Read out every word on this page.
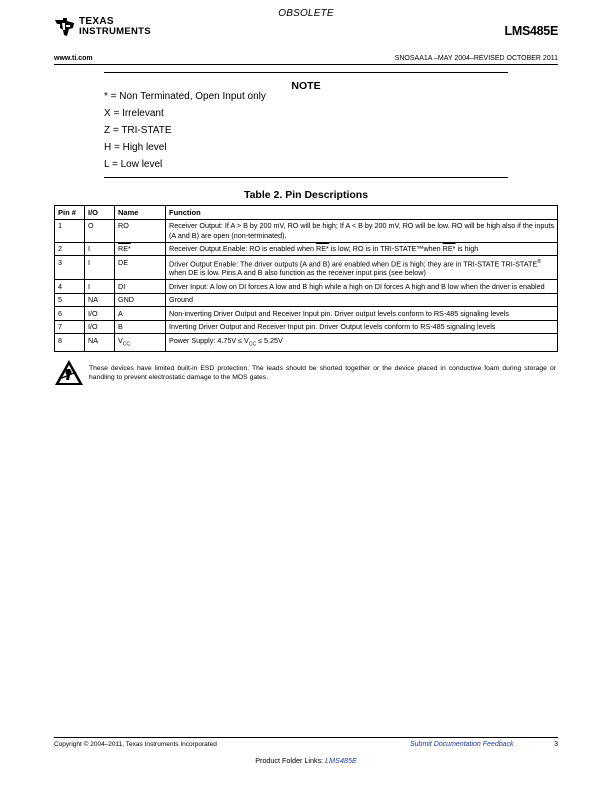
OBSOLETE
TEXAS
INSTRUMENTS	LMS485E
www.ti.com	SNOSAA1A –MAY 2004–REVISED OCTOBER 2011
NOTE
* = Non Terminated, Open Input only
X = Irrelevant
Z = TRI-STATE
H = High level
L = Low level
Table 2. Pin Descriptions
Pin #	I/O	Name	Function
1	O	RO	Receiver Output: If A > B by 200 mV, RO will be high; If A < B by 200 mV, RO will be low. RO will be high also if the inputs (A and B) are open (non-terminated).
2	I	RE*	Receiver Output Enable: RO is enabled when RE* is low; RO is in TRI-STATE™when RE* is high
3	I	DE	Driver Output Enable: The driver outputs (A and B) are enabled when DE is high; they are in TRI-STATE TRI-STATE® when DE is low. Pins A and B also function as the receiver input pins (see below)
4	I	DI	Driver Input: A low on DI forces A low and B high while a high on DI forces A high and B low when the driver is enabled
5	NA	GND	Ground
6	I/O	A	Non-inverting Driver Output and Receiver Input pin. Driver output levels conform to RS-485 signaling levels
7	I/O	B	Inverting Driver Output and Receiver Input pin. Driver Output levels conform to RS-485 signaling levels
8	NA	$V_{CC}$	Power Supply: $4.75V \le V_{CC} \le 5.25V$
These devices have limited built-in ESD protection. The leads should be shorted together or the device placed in conductive foam during storage or handling to prevent electrostatic damage to the MOS gates.
Copyright © 2004–2011, Texas Instruments Incorporated	Submit Documentation Feedback	3
Product Folder Links: LMS485E
